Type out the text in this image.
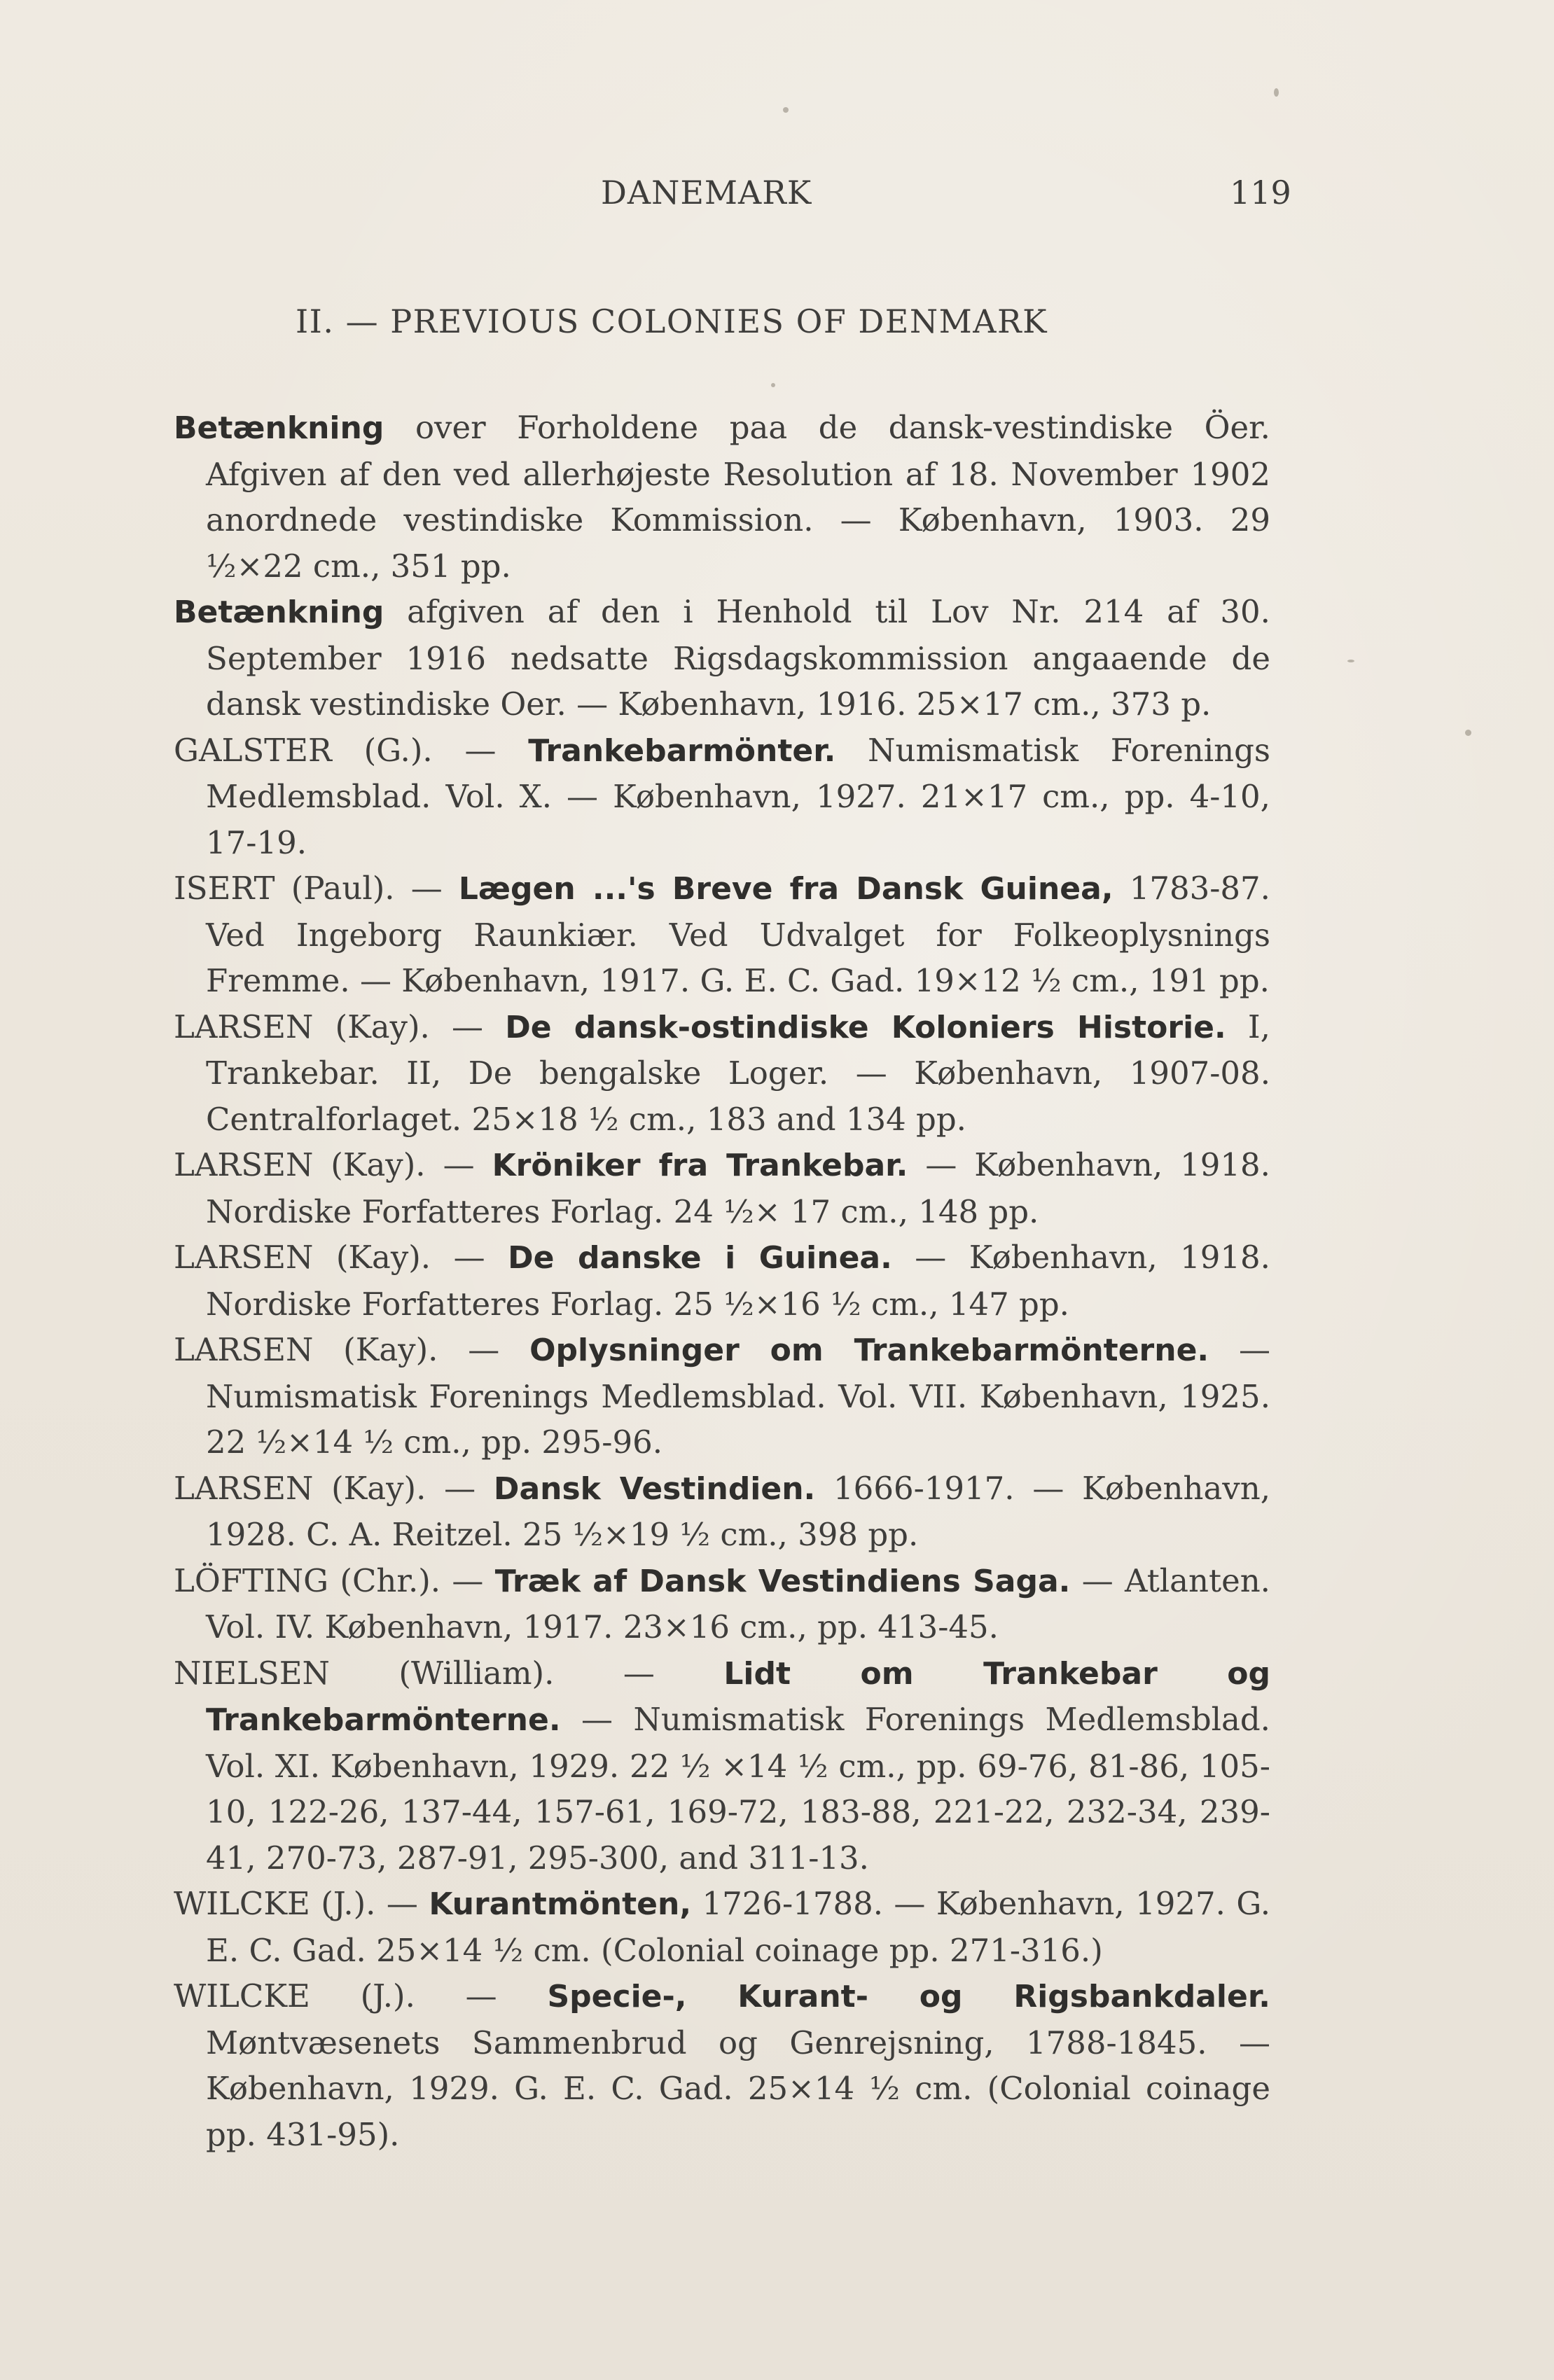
DANEMARK	119
II. — PREVIOUS COLONIES OF DENMARK

Betænkning over Forholdene paa de dansk-vestindiske Öer. Afgiven af den ved allerhøjeste Resolution af 18. November 1902 anordnede vestindiske Kommission. — København, 1903. 29 ½×22 cm., 351 pp.

Betænkning afgiven af den i Henhold til Lov Nr. 214 af 30. September 1916 nedsatte Rigsdagskommission angaaende de dansk vestindiske Oer. — København, 1916. 25×17 cm., 373 p.

GALSTER (G.). — Trankebarmönter. Numismatisk Forenings Medlemsblad. Vol. X. — København, 1927. 21×17 cm., pp. 4-10, 17-19.

ISERT (Paul). — Lægen ...'s Breve fra Dansk Guinea, 1783-87. Ved Ingeborg Raunkiær. Ved Udvalget for Folkeoplysnings Fremme. — København, 1917. G. E. C. Gad. 19×12 ½ cm., 191 pp.

LARSEN (Kay). — De dansk-ostindiske Koloniers Historie. I, Trankebar. II, De bengalske Loger. — København, 1907-08. Centralforlaget. 25×18 ½ cm., 183 and 134 pp.

LARSEN (Kay). — Kröniker fra Trankebar. — København, 1918. Nordiske Forfatteres Forlag. 24 ½× 17 cm., 148 pp.

LARSEN (Kay). — De danske i Guinea. — København, 1918. Nordiske Forfatteres Forlag. 25 ½×16 ½ cm., 147 pp.

LARSEN (Kay). — Oplysninger om Trankebarmönterne. — Numismatisk Forenings Medlemsblad. Vol. VII. København, 1925. 22 ½×14 ½ cm., pp. 295-96.

LARSEN (Kay). — Dansk Vestindien. 1666-1917. — København, 1928. C. A. Reitzel. 25 ½×19 ½ cm., 398 pp.

LÖFTING (Chr.). — Træk af Dansk Vestindiens Saga. — Atlanten. Vol. IV. København, 1917. 23×16 cm., pp. 413-45.

NIELSEN (William). — Lidt om Trankebar og Trankebarmönterne. — Numismatisk Forenings Medlemsblad. Vol. XI. København, 1929. 22 ½ ×14 ½ cm., pp. 69-76, 81-86, 105-10, 122-26, 137-44, 157-61, 169-72, 183-88, 221-22, 232-34, 239-41, 270-73, 287-91, 295-300, and 311-13.

WILCKE (J.). — Kurantmönten, 1726-1788. — København, 1927. G. E. C. Gad. 25×14 ½ cm. (Colonial coinage pp. 271-316.)

WILCKE (J.). — Specie-, Kurant- og Rigsbankdaler. Møntvæsenets Sammenbrud og Genrejsning, 1788-1845. — København, 1929. G. E. C. Gad. 25×14 ½ cm. (Colonial coinage pp. 431-95).
